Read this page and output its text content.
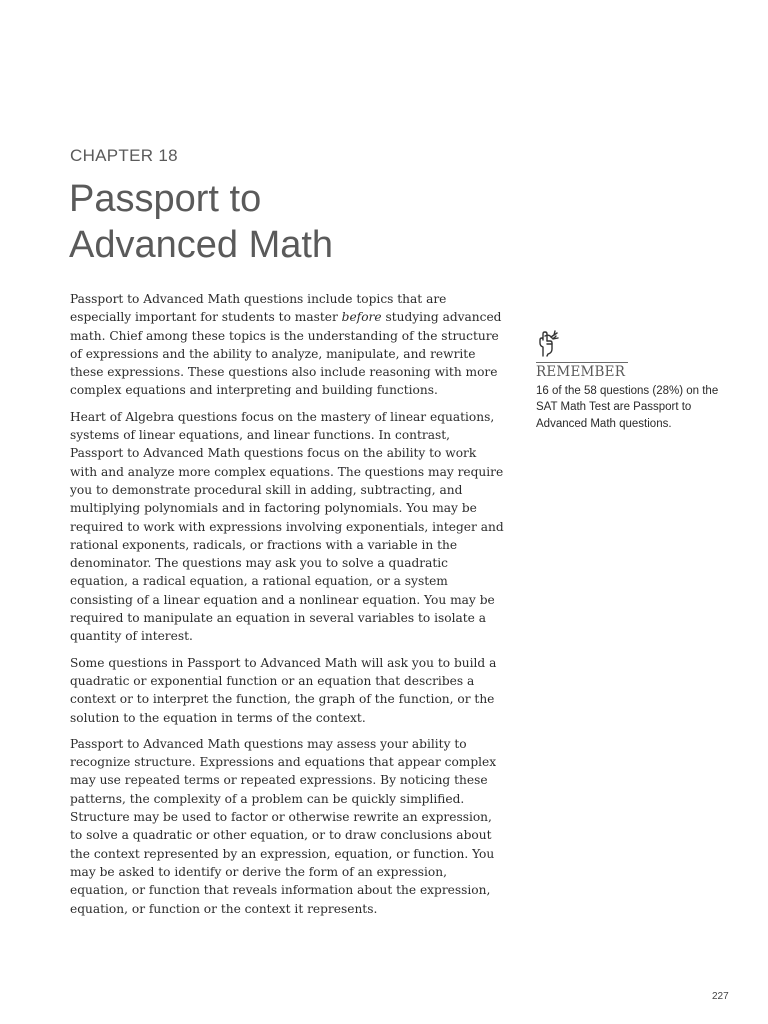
CHAPTER 18
Passport to
Advanced Math

Passport to Advanced Math questions include topics that are especially important for students to master before studying advanced math. Chief among these topics is the understanding of the structure of expressions and the ability to analyze, manipulate, and rewrite these expressions. These questions also include reasoning with more complex equations and interpreting and building functions.

Heart of Algebra questions focus on the mastery of linear equations, systems of linear equations, and linear functions. In contrast, Passport to Advanced Math questions focus on the ability to work with and analyze more complex equations. The questions may require you to demonstrate procedural skill in adding, subtracting, and multiplying polynomials and in factoring polynomials. You may be required to work with expressions involving exponentials, integer and rational exponents, radicals, or fractions with a variable in the denominator. The questions may ask you to solve a quadratic equation, a radical equation, a rational equation, or a system consisting of a linear equation and a nonlinear equation. You may be required to manipulate an equation in several variables to isolate a quantity of interest.

Some questions in Passport to Advanced Math will ask you to build a quadratic or exponential function or an equation that describes a context or to interpret the function, the graph of the function, or the solution to the equation in terms of the context.

Passport to Advanced Math questions may assess your ability to recognize structure. Expressions and equations that appear complex may use repeated terms or repeated expressions. By noticing these patterns, the complexity of a problem can be quickly simplified. Structure may be used to factor or otherwise rewrite an expression, to solve a quadratic or other equation, or to draw conclusions about the context represented by an expression, equation, or function. You may be asked to identify or derive the form of an expression, equation, or function that reveals information about the expression, equation, or function or the context it represents.

REMEMBER
16 of the 58 questions (28%) on the SAT Math Test are Passport to Advanced Math questions.
227
